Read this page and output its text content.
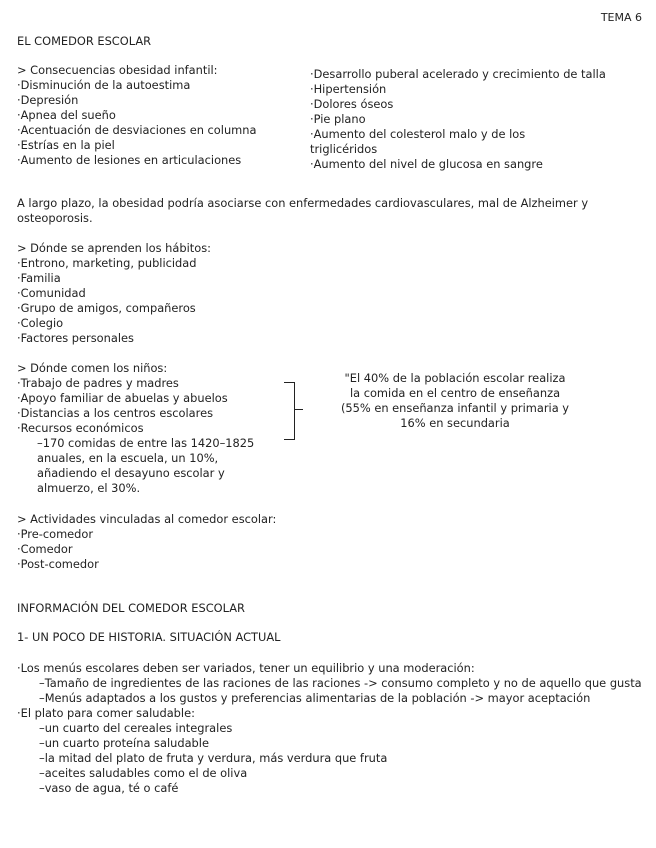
TEMA 6
EL COMEDOR ESCOLAR
> Consecuencias obesidad infantil:
·Disminución de la autoestima
·Depresión
·Apnea del sueño
·Acentuación de desviaciones en columna
·Estrías en la piel
·Aumento de lesiones en articulaciones
·Desarrollo puberal acelerado y crecimiento de talla
·Hipertensión
·Dolores óseos
·Pie plano
·Aumento del colesterol malo y de los triglicéridos
·Aumento del nivel de glucosa en sangre
A largo plazo, la obesidad podría asociarse con enfermedades cardiovasculares, mal de Alzheimer y osteoporosis.
> Dónde se aprenden los hábitos:
·Entrono, marketing, publicidad
·Familia
·Comunidad
·Grupo de amigos, compañeros
·Colegio
·Factores personales
> Dónde comen los niños:
·Trabajo de padres y madres
·Apoyo familiar de abuelas y abuelos
·Distancias a los centros escolares
·Recursos económicos
–170 comidas de entre las 1420–1825 anuales, en la escuela, un 10%, añadiendo el desayuno escolar y almuerzo, el 30%.
"El 40% de la población escolar realiza la comida en el centro de enseñanza (55% en enseñanza infantil y primaria y 16% en secundaria
> Actividades vinculadas al comedor escolar:
·Pre-comedor
·Comedor
·Post-comedor
INFORMACIÓN DEL COMEDOR ESCOLAR
1- UN POCO DE HISTORIA. SITUACIÓN ACTUAL
·Los menús escolares deben ser variados, tener un equilibrio y una moderación:
–Tamaño de ingredientes de las raciones de las raciones -> consumo completo y no de aquello que gusta
–Menús adaptados a los gustos y preferencias alimentarias de la población -> mayor aceptación
·El plato para comer saludable:
–un cuarto del cereales integrales
–un cuarto proteína saludable
–la mitad del plato de fruta y verdura, más verdura que fruta
–aceites saludables como el de oliva
–vaso de agua, té o café
